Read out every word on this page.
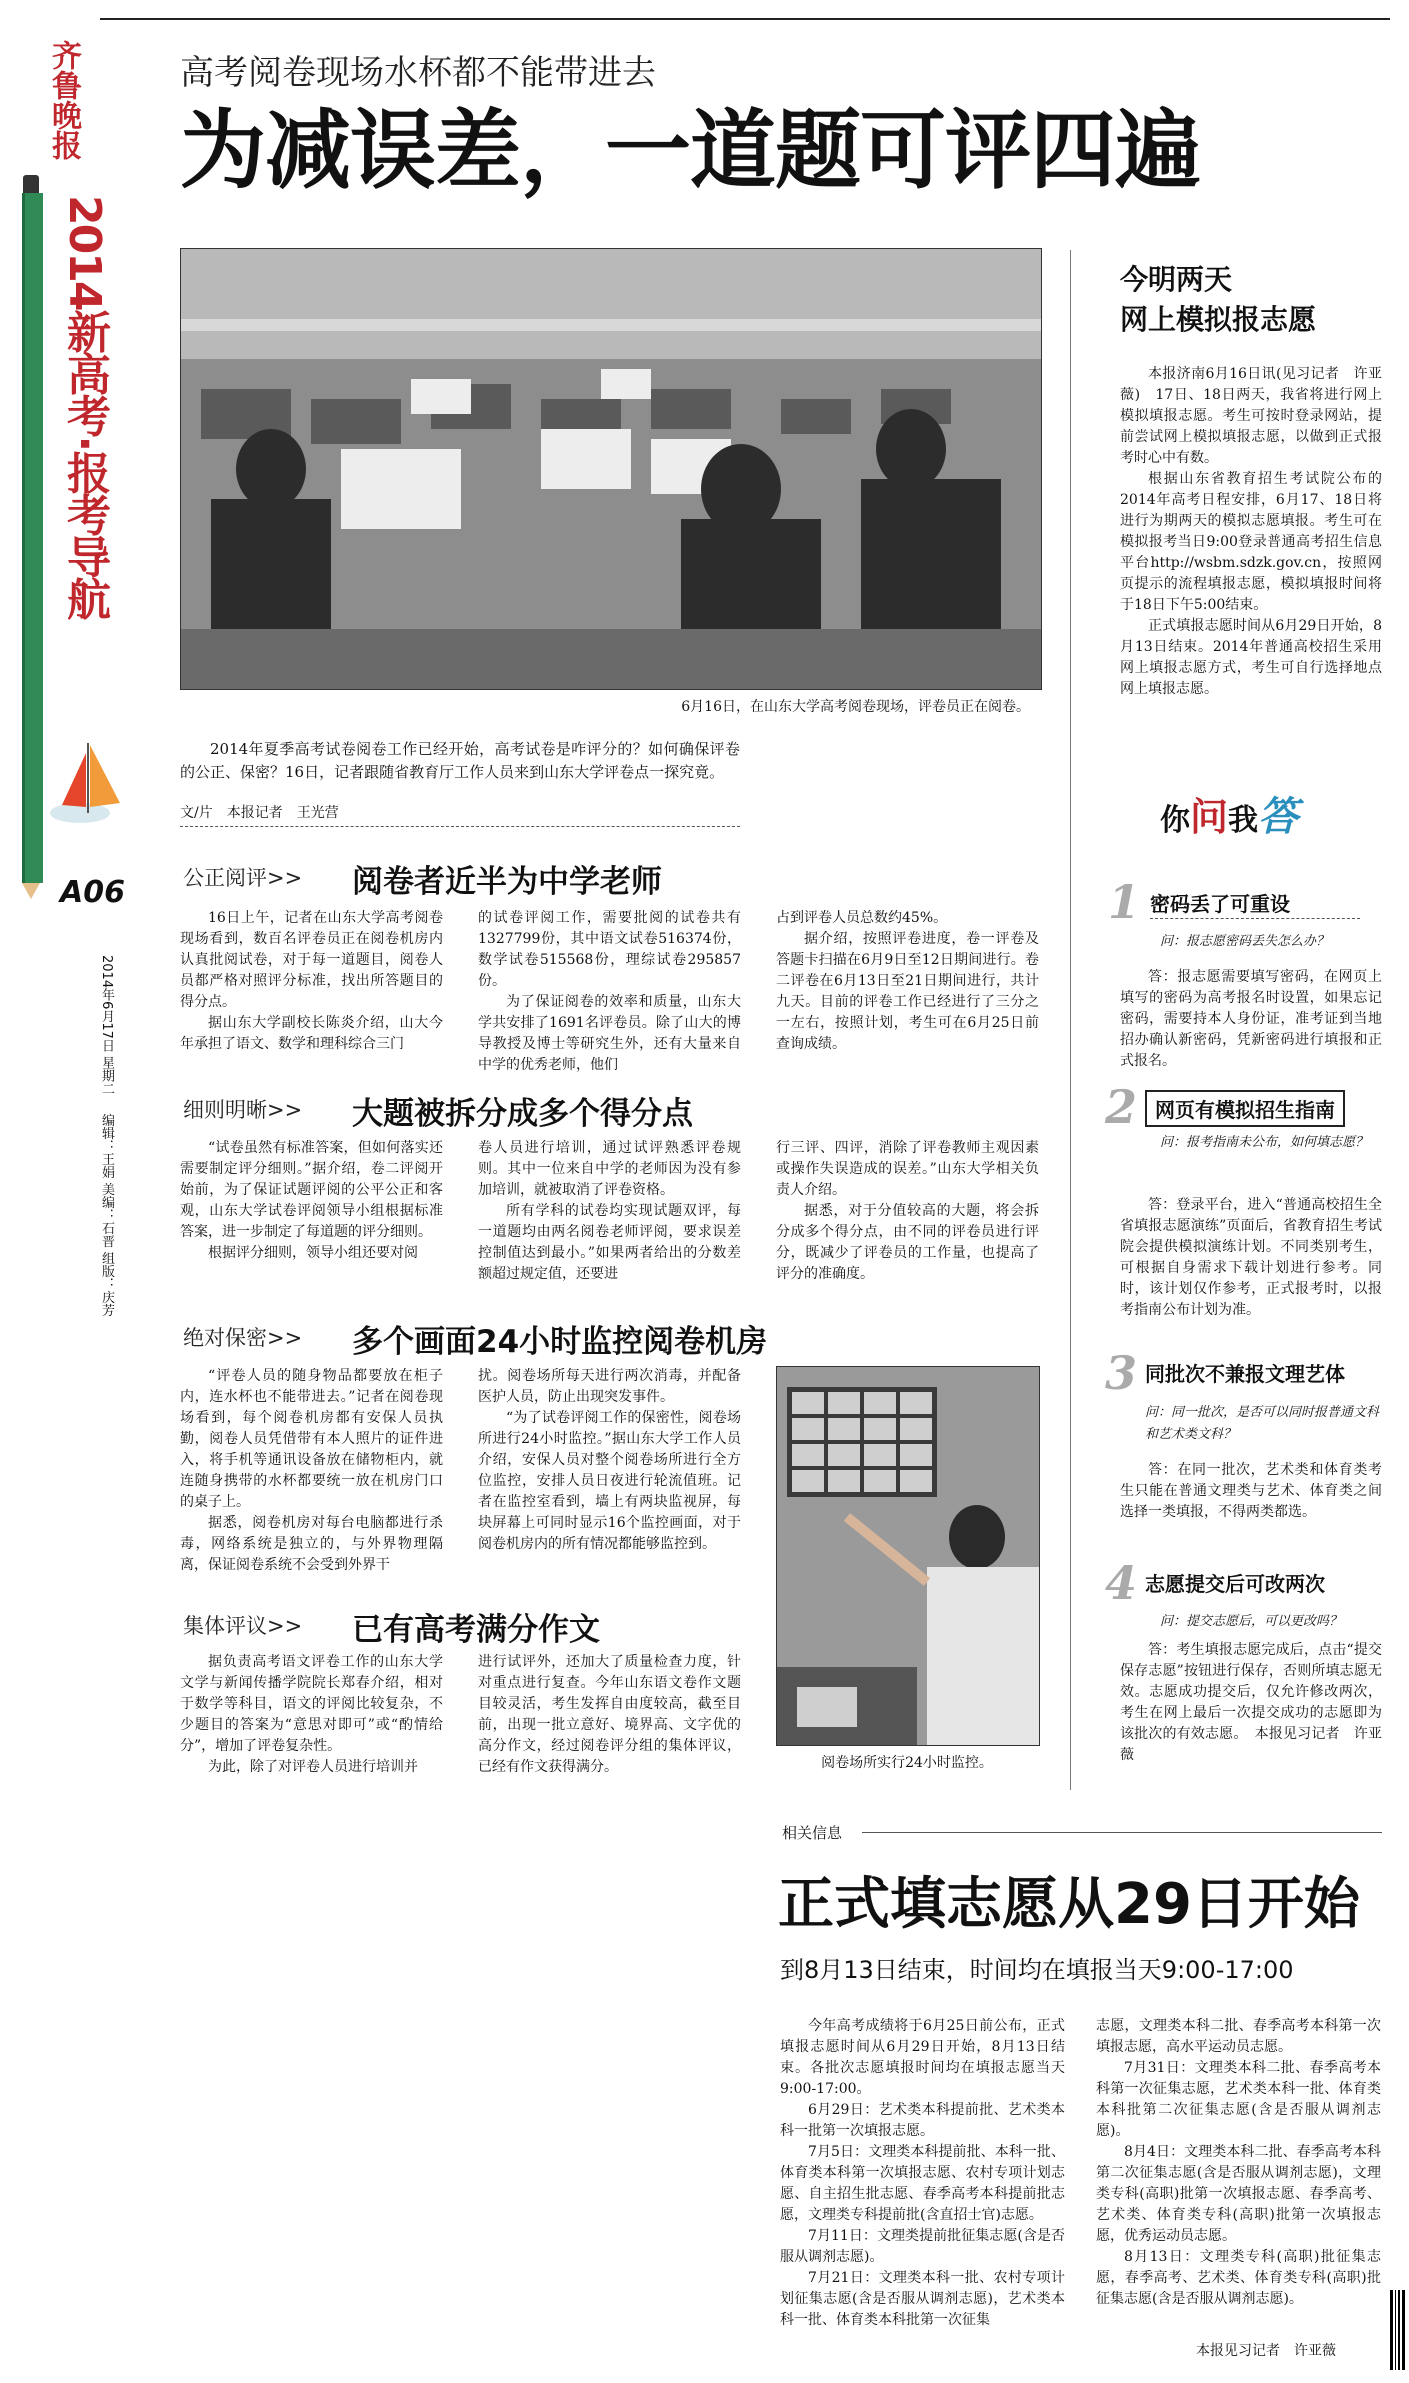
齐鲁晚报
2014新高考·报考导航
A06
2014年6月17日 星期二  编辑：王娟 美编：石晋 组版：庆芳
高考阅卷现场水杯都不能带进去
为减误差，一道题可评四遍
6月16日，在山东大学高考阅卷现场，评卷员正在阅卷。

2014年夏季高考试卷阅卷工作已经开始，高考试卷是咋评分的？如何确保评卷的公正、保密？16日，记者跟随省教育厅工作人员来到山东大学评卷点一探究竟。

文/片　本报记者　王光营
公正阅评>> 阅卷者近半为中学老师

16日上午，记者在山东大学高考阅卷现场看到，数百名评卷员正在阅卷机房内认真批阅试卷，对于每一道题目，阅卷人员都严格对照评分标准，找出所答题目的得分点。

据山东大学副校长陈炎介绍，山大今年承担了语文、数学和理科综合三门

的试卷评阅工作，需要批阅的试卷共有1327799份，其中语文试卷516374份，数学试卷515568份，理综试卷295857份。

为了保证阅卷的效率和质量，山东大学共安排了1691名评卷员。除了山大的博导教授及博士等研究生外，还有大量来自中学的优秀老师，他们

占到评卷人员总数约45%。

据介绍，按照评卷进度，卷一评卷及答题卡扫描在6月9日至12日期间进行。卷二评卷在6月13日至21日期间进行，共计九天。目前的评卷工作已经进行了三分之一左右，按照计划，考生可在6月25日前查询成绩。

细则明晰>> 大题被拆分成多个得分点

“试卷虽然有标准答案，但如何落实还需要制定评分细则。”据介绍，卷二评阅开始前，为了保证试题评阅的公平公正和客观，山东大学试卷评阅领导小组根据标准答案，进一步制定了每道题的评分细则。

根据评分细则，领导小组还要对阅

卷人员进行培训，通过试评熟悉评卷规则。其中一位来自中学的老师因为没有参加培训，就被取消了评卷资格。

所有学科的试卷均实现试题双评，每一道题均由两名阅卷老师评阅，要求误差控制值达到最小。”如果两者给出的分数差额超过规定值，还要进

行三评、四评，消除了评卷教师主观因素或操作失误造成的误差。”山东大学相关负责人介绍。

据悉，对于分值较高的大题，将会拆分成多个得分点，由不同的评卷员进行评分，既减少了评卷员的工作量，也提高了评分的准确度。

绝对保密>> 多个画面24小时监控阅卷机房

“评卷人员的随身物品都要放在柜子内，连水杯也不能带进去。”记者在阅卷现场看到，每个阅卷机房都有安保人员执勤，阅卷人员凭借带有本人照片的证件进入，将手机等通讯设备放在储物柜内，就连随身携带的水杯都要统一放在机房门口的桌子上。

据悉，阅卷机房对每台电脑都进行杀毒，网络系统是独立的，与外界物理隔离，保证阅卷系统不会受到外界干

扰。阅卷场所每天进行两次消毒，并配备医护人员，防止出现突发事件。

“为了试卷评阅工作的保密性，阅卷场所进行24小时监控。”据山东大学工作人员介绍，安保人员对整个阅卷场所进行全方位监控，安排人员日夜进行轮流值班。记者在监控室看到，墙上有两块监视屏，每块屏幕上可同时显示16个监控画面，对于阅卷机房内的所有情况都能够监控到。

阅卷场所实行24小时监控。
集体评议>> 已有高考满分作文

据负责高考语文评卷工作的山东大学文学与新闻传播学院院长郑春介绍，相对于数学等科目，语文的评阅比较复杂，不少题目的答案为“意思对即可”或“酌情给分”，增加了评卷复杂性。

为此，除了对评卷人员进行培训并

进行试评外，还加大了质量检查力度，针对重点进行复查。今年山东语文卷作文题目较灵活，考生发挥自由度较高，截至目前，出现一批立意好、境界高、文字优的高分作文，经过阅卷评分组的集体评议，已经有作文获得满分。

今明两天
网上模拟报志愿

本报济南6月16日讯(见习记者　许亚薇)　17日、18日两天，我省将进行网上模拟填报志愿。考生可按时登录网站，提前尝试网上模拟填报志愿，以做到正式报考时心中有数。

根据山东省教育招生考试院公布的2014年高考日程安排，6月17、18日将进行为期两天的模拟志愿填报。考生可在模拟报考当日9:00登录普通高考招生信息平台http://wsbm.sdzk.gov.cn，按照网页提示的流程填报志愿，模拟填报时间将于18日下午5:00结束。

正式填报志愿时间从6月29日开始，8月13日结束。2014年普通高校招生采用网上填报志愿方式，考生可自行选择地点网上填报志愿。

你问我答
1 密码丢了可重设
问：报志愿密码丢失怎么办？

答：报志愿需要填写密码，在网页上填写的密码为高考报名时设置，如果忘记密码，需要持本人身份证，准考证到当地招办确认新密码，凭新密码进行填报和正式报名。

2 网页有模拟招生指南
问：报考指南未公布，如何填志愿？

答：登录平台，进入“普通高校招生全省填报志愿演练”页面后，省教育招生考试院会提供模拟演练计划。不同类别考生，可根据自身需求下载计划进行参考。同时，该计划仅作参考，正式报考时，以报考指南公布计划为准。

3 同批次不兼报文理艺体
问：同一批次，是否可以同时报普通文科和艺术类文科？

答：在同一批次，艺术类和体育类考生只能在普通文理类与艺术、体育类之间选择一类填报，不得两类都选。

4 志愿提交后可改两次
问：提交志愿后，可以更改吗？

答：考生填报志愿完成后，点击“提交保存志愿”按钮进行保存，否则所填志愿无效。志愿成功提交后，仅允许修改两次，考生在网上最后一次提交成功的志愿即为该批次的有效志愿。　本报见习记者　许亚薇

相关信息
正式填志愿从29日开始
到8月13日结束，时间均在填报当天9:00-17:00

今年高考成绩将于6月25日前公布，正式填报志愿时间从6月29日开始，8月13日结束。各批次志愿填报时间均在填报志愿当天9:00-17:00。

6月29日：艺术类本科提前批、艺术类本科一批第一次填报志愿。

7月5日：文理类本科提前批、本科一批、体育类本科第一次填报志愿、农村专项计划志愿、自主招生批志愿、春季高考本科提前批志愿，文理类专科提前批(含直招士官)志愿。

7月11日：文理类提前批征集志愿(含是否服从调剂志愿)。

7月21日：文理类本科一批、农村专项计划征集志愿(含是否服从调剂志愿)，艺术类本科一批、体育类本科批第一次征集

志愿，文理类本科二批、春季高考本科第一次填报志愿，高水平运动员志愿。

7月31日：文理类本科二批、春季高考本科第一次征集志愿，艺术类本科一批、体育类本科批第二次征集志愿(含是否服从调剂志愿)。

8月4日：文理类本科二批、春季高考本科第二次征集志愿(含是否服从调剂志愿)，文理类专科(高职)批第一次填报志愿、春季高考、艺术类、体育类专科(高职)批第一次填报志愿，优秀运动员志愿。

8月13日：文理类专科(高职)批征集志愿，春季高考、艺术类、体育类专科(高职)批征集志愿(含是否服从调剂志愿)。

本报见习记者　许亚薇
